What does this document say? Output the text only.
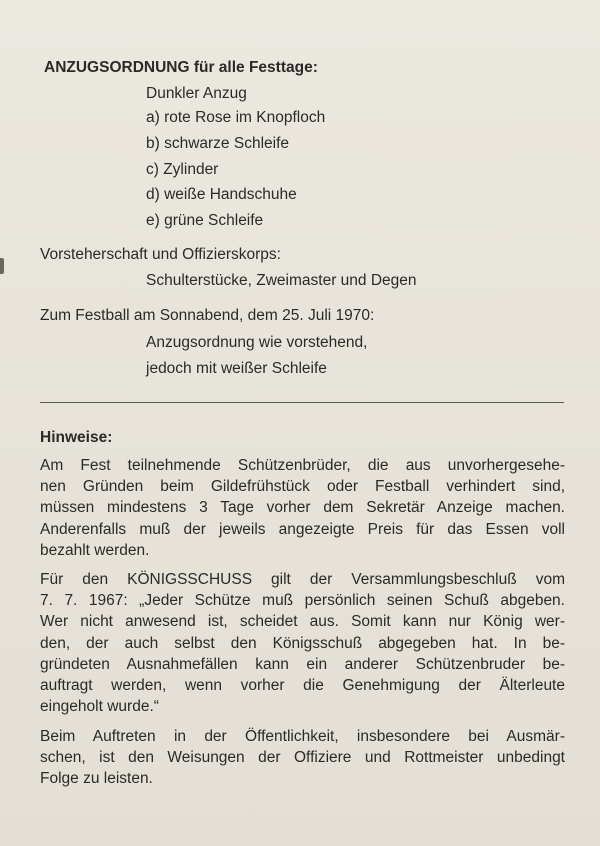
ANZUGSORDNUNG für alle Festtage:
Dunkler Anzug
a) rote Rose im Knopfloch
b) schwarze Schleife
c) Zylinder
d) weiße Handschuhe
e) grüne Schleife
Vorsteherschaft und Offizierskorps:
Schulterstücke, Zweimaster und Degen
Zum Festball am Sonnabend, dem 25. Juli 1970:
Anzugsordnung wie vorstehend,
jedoch mit weißer Schleife
Hinweise:
Am Fest teilnehmende Schützenbrüder, die aus unvorhergesehe-
nen Gründen beim Gildefrühstück oder Festball verhindert sind,
müssen mindestens 3 Tage vorher dem Sekretär Anzeige machen.
Anderenfalls muß der jeweils angezeigte Preis für das Essen voll
bezahlt werden.
Für den KÖNIGSSCHUSS gilt der Versammlungsbeschluß vom
7. 7. 1967: „Jeder Schütze muß persönlich seinen Schuß abgeben.
Wer nicht anwesend ist, scheidet aus. Somit kann nur König wer-
den, der auch selbst den Königsschuß abgegeben hat. In be-
gründeten Ausnahmefällen kann ein anderer Schützenbruder be-
auftragt werden, wenn vorher die Genehmigung der Älterleute
eingeholt wurde.“
Beim Auftreten in der Öffentlichkeit, insbesondere bei Ausmär-
schen, ist den Weisungen der Offiziere und Rottmeister unbedingt
Folge zu leisten.
